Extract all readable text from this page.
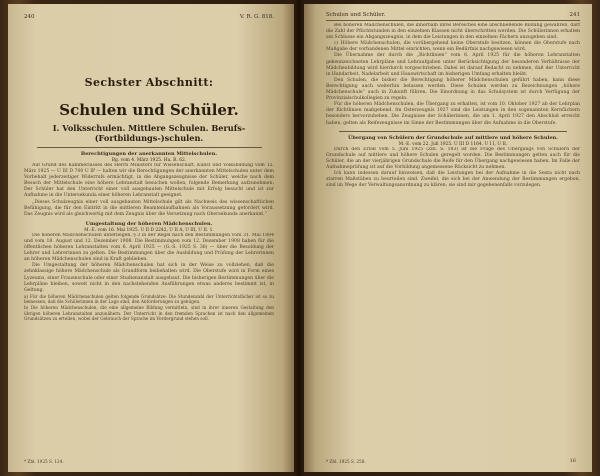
240	V. R. G. 818.
Sechster Abschnitt:
Schulen und Schüler.
I. Volksschulen. Mittlere Schulen. Berufs-(Fortbildungs-)schulen.
Berechtigungen der anerkannten Mittelschulen.
Bg. vom 4. März 1925. Hu. R. 62.

Auf Grund des Kammerlasses des Herrn Ministers für Wissenschaft, Kunst und Volksbildung vom 12. März 1925 — U III D 700 U IP — halten wir die Berechtigungen der anerkannten Mittelschulen unter dem Vorbehalt jederzeitiger Widerrufs ermächtigt, in die Abgangszeugnisse der Schüler, welche nach dem Besuch der Mittelschule eine höhere Lehranstalt besuchen wollen, folgende Bemerkung aufzunehmen: Der Schüler hat den Unterricht einer voll ausgebauten Mittelschule mit Erfolg besucht und ist zur Aufnahme in die Untersekunda einer höheren Lehranstalt geeignet.

„Dieses Schulzeugnis einer voll ausgebauten Mittelschule gilt als Nachweis des wissenschaftlichen Befähigung, die für den Eintritt in die mittleren Beamtenlaufbahnen als Voraussetzung gefordert wird. Das Zeugnis wird als gleichwertig mit dem Zeugnis über die Versetzung nach Obersekunda anerkannt.“

Umgestaltung der höheren Mädchenschulen.
M.-E. vom 16. Mai 1925. U II D 2242, U II A, U III, U II. 1.

Die höheren Mädchenschulen unterliegen, § 3 in der Regel nach den Bestimmungen vom 31. Mai 1894 und vom 18. August und 12. Dezember 1908. Die Bestimmungen vom 12. Dezember 1908 haben für die öffentlichen höheren Lehranstalten vom 6. April 1925 — (G.-S. 1925 S. 36) — über die Besoldung der Lehrer und Lehrerinnen zu gelten. Die Bestimmungen über die Ausbildung und Prüfung der Lehrerinnen an höheren Mädchenschulen sind in Kraft geblieben.

Die Umgestaltung der höheren Mädchenschulen hat sich in der Weise zu vollziehen, daß die zehnklassige höhere Mädchenschule als Grundform beibehalten wird. Die Oberstufe wird in Form eines Lyzeums, einer Frauenschule oder einer Studienanstalt ausgebaut. Die bisherigen Bestimmungen über die Lehrpläne bleiben, soweit nicht in den nachstehenden Ausführungen etwas anderes bestimmt ist, in Geltung.

a) Für die höheren Mädchenschulen gelten folgende Grundsätze: Die Stundenzahl der Unterrichtsfächer ist so zu bemessen, daß die Schülerinnen in der Lage sind, den Anforderungen zu genügen.

b) Die höheren Mädchenschulen, die eine allgemeine Bildung vermitteln, sind in ihrer inneren Gestaltung den übrigen höheren Lehranstalten anzunähern. Der Unterricht in den fremden Sprachen ist nach den allgemeinen Grundsätzen zu erteilen, wobei der Gebrauch der Sprache im Vordergrund stehen soll.

* Zbl. 1925 S. 124.
Schulen und Schüler.	241

Bei höheren Mädchenschulen, die innerhalb ihres Bereiches eine abschließende Bildung gewähren, darf die Zahl der Pflichtstunden in den einzelnen Klassen nicht überschritten werden. Die Schülerinnen erhalten am Schlusse ein Abgangszeugnis, in dem die Leistungen in den einzelnen Fächern anzugeben sind.

c) Höhere Mädchenschulen, die vorübergehend keine Oberstufe besitzen, können die Oberstufe nach Maßgabe der vorhandenen Mittel einrichten, wenn ein Bedürfnis nachgewiesen wird.

Die Übernahme der durch die „Richtlinien“ vom 6. April 1925 für die höheren Lehranstalten gekennzeichneten Lehrpläne und Lehraufgaben unter Berücksichtigung der besonderen Verhältnisse der Mädchenbildung wird hierdurch vorgeschrieben. Dabei ist darauf Bedacht zu nehmen, daß der Unterricht in Handarbeit, Nadelarbeit und Hauswirtschaft im bisherigen Umfang erhalten bleibt.

Den Schulen, die bisher die Berechtigung höherer Mädchenschulen geführt haben, kann diese Berechtigung auch weiterhin belassen werden. Diese Schulen werden zu Bezeichnungen „höhere Mädchenschule“ auch in Zukunft führen. Die Einordnung in das Schulsystem ist durch Verfügung der Provinzialschulkollegien zu regeln.

Für die höheren Mädchenschulen, die Übergang zu erhalten, ist vom 10. Oktober 1927 ab der Lehrplan der Richtlinien maßgebend. Im Osterzeugnis 1927 sind die Leistungen in den sogenannten Kernfächern besonders hervorzuheben. Die Zeugnisse der Schülerinnen, die am 1. April 1927 den Abschluß erreicht haben, gelten als Reifezeugnisse im Sinne der Bestimmungen über die Aufnahme in die Oberstufe.

Übergang von Schülern der Grundschule auf mittlere und höhere Schulen.
M.-E. vom 22. Juli 1925. U III D 1164. U I I, U II.

Durch den Erlaß vom 5. Juni 1925 (Zbl. S. 183) ist die Frage des Übergangs von Schülern der Grundschule auf mittlere und höhere Schulen geregelt worden. Die Bestimmungen gelten auch für die Schüler, die an der vierjährigen Grundschule die Reife für den Übergang nachgewiesen haben. Im Falle der Aufnahmeprüfung ist auf die Vorbildung angemessene Rücksicht zu nehmen.

Ich kann indessen darauf hinweisen, daß die Leistungen bei der Aufnahme in die Sexta nicht nach starren Maßstäben zu beurteilen sind. Zweifel, die sich bei der Anwendung der Bestimmungen ergeben, sind im Wege der Verwaltungsanordnung zu klären; sie sind mir gegebenenfalls vorzulegen.

* Zbl. 1925 S. 258.	16
